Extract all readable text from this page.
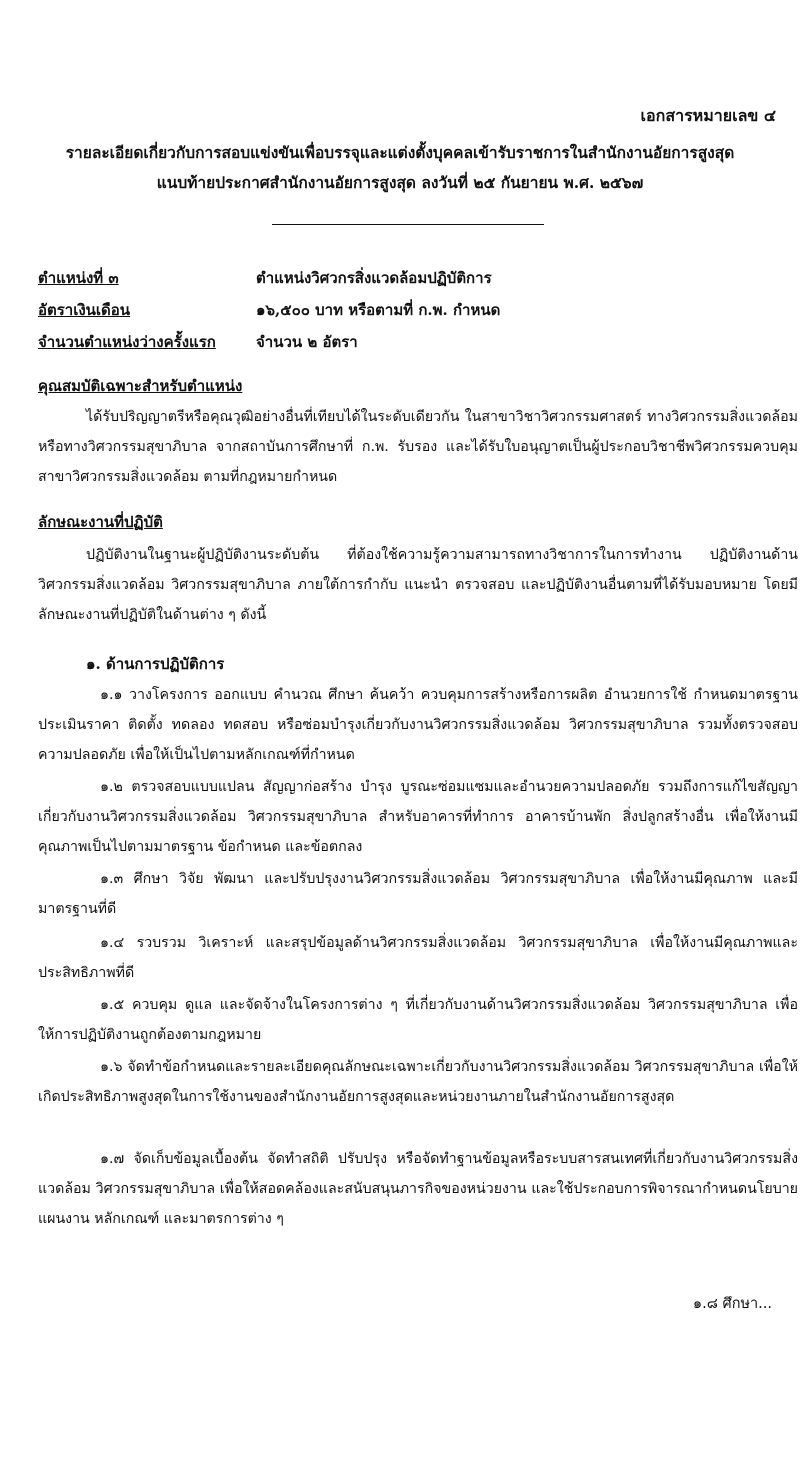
เอกสารหมายเลข ๔
รายละเอียดเกี่ยวกับการสอบแข่งขันเพื่อบรรจุและแต่งตั้งบุคคลเข้ารับราชการในสำนักงานอัยการสูงสุด
แนบท้ายประกาศสำนักงานอัยการสูงสุด ลงวันที่ ๒๕ กันยายน พ.ศ. ๒๕๖๗
ตำแหน่งที่ ๓	ตำแหน่งวิศวกรสิ่งแวดล้อมปฏิบัติการ
อัตราเงินเดือน	๑๖,๕๐๐ บาท หรือตามที่ ก.พ. กำหนด
จำนวนตำแหน่งว่างครั้งแรก	จำนวน ๒ อัตรา
คุณสมบัติเฉพาะสำหรับตำแหน่ง
ได้รับปริญญาตรีหรือคุณวุฒิอย่างอื่นที่เทียบได้ในระดับเดียวกัน ในสาขาวิชาวิศวกรรมศาสตร์ ทางวิศวกรรมสิ่งแวดล้อม หรือทางวิศวกรรมสุขาภิบาล จากสถาบันการศึกษาที่ ก.พ. รับรอง และได้รับใบอนุญาตเป็นผู้ประกอบวิชาชีพวิศวกรรมควบคุม สาขาวิศวกรรมสิ่งแวดล้อม ตามที่กฎหมายกำหนด
ลักษณะงานที่ปฏิบัติ
ปฏิบัติงานในฐานะผู้ปฏิบัติงานระดับต้น ที่ต้องใช้ความรู้ความสามารถทางวิชาการในการทำงาน ปฏิบัติงานด้านวิศวกรรมสิ่งแวดล้อม วิศวกรรมสุขาภิบาล ภายใต้การกำกับ แนะนำ ตรวจสอบ และปฏิบัติงานอื่นตามที่ได้รับมอบหมาย โดยมีลักษณะงานที่ปฏิบัติในด้านต่าง ๆ ดังนี้
๑. ด้านการปฏิบัติการ
๑.๑ วางโครงการ ออกแบบ คำนวณ ศึกษา ค้นคว้า ควบคุมการสร้างหรือการผลิต อำนวยการใช้ กำหนดมาตรฐาน ประเมินราคา ติดตั้ง ทดลอง ทดสอบ หรือซ่อมบำรุงเกี่ยวกับงานวิศวกรรมสิ่งแวดล้อม วิศวกรรมสุขาภิบาล รวมทั้งตรวจสอบความปลอดภัย เพื่อให้เป็นไปตามหลักเกณฑ์ที่กำหนด
๑.๒ ตรวจสอบแบบแปลน สัญญาก่อสร้าง บำรุง บูรณะซ่อมแซมและอำนวยความปลอดภัย รวมถึงการแก้ไขสัญญาเกี่ยวกับงานวิศวกรรมสิ่งแวดล้อม วิศวกรรมสุขาภิบาล สำหรับอาคารที่ทำการ อาคารบ้านพัก สิ่งปลูกสร้างอื่น เพื่อให้งานมีคุณภาพเป็นไปตามมาตรฐาน ข้อกำหนด และข้อตกลง
๑.๓ ศึกษา วิจัย พัฒนา และปรับปรุงงานวิศวกรรมสิ่งแวดล้อม วิศวกรรมสุขาภิบาล เพื่อให้งานมีคุณภาพ และมีมาตรฐานที่ดี
๑.๔ รวบรวม วิเคราะห์ และสรุปข้อมูลด้านวิศวกรรมสิ่งแวดล้อม วิศวกรรมสุขาภิบาล เพื่อให้งานมีคุณภาพและประสิทธิภาพที่ดี
๑.๕ ควบคุม ดูแล และจัดจ้างในโครงการต่าง ๆ ที่เกี่ยวกับงานด้านวิศวกรรมสิ่งแวดล้อม วิศวกรรมสุขาภิบาล เพื่อให้การปฏิบัติงานถูกต้องตามกฎหมาย
๑.๖ จัดทำข้อกำหนดและรายละเอียดคุณลักษณะเฉพาะเกี่ยวกับงานวิศวกรรมสิ่งแวดล้อม วิศวกรรมสุขาภิบาล เพื่อให้เกิดประสิทธิภาพสูงสุดในการใช้งานของสำนักงานอัยการสูงสุดและหน่วยงานภายในสำนักงานอัยการสูงสุด
๑.๗ จัดเก็บข้อมูลเบื้องต้น จัดทำสถิติ ปรับปรุง หรือจัดทำฐานข้อมูลหรือระบบสารสนเทศที่เกี่ยวกับงานวิศวกรรมสิ่งแวดล้อม วิศวกรรมสุขาภิบาล เพื่อให้สอดคล้องและสนับสนุนภารกิจของหน่วยงาน และใช้ประกอบการพิจารณากำหนดนโยบาย แผนงาน หลักเกณฑ์ และมาตรการต่าง ๆ
๑.๘ ศึกษา...
